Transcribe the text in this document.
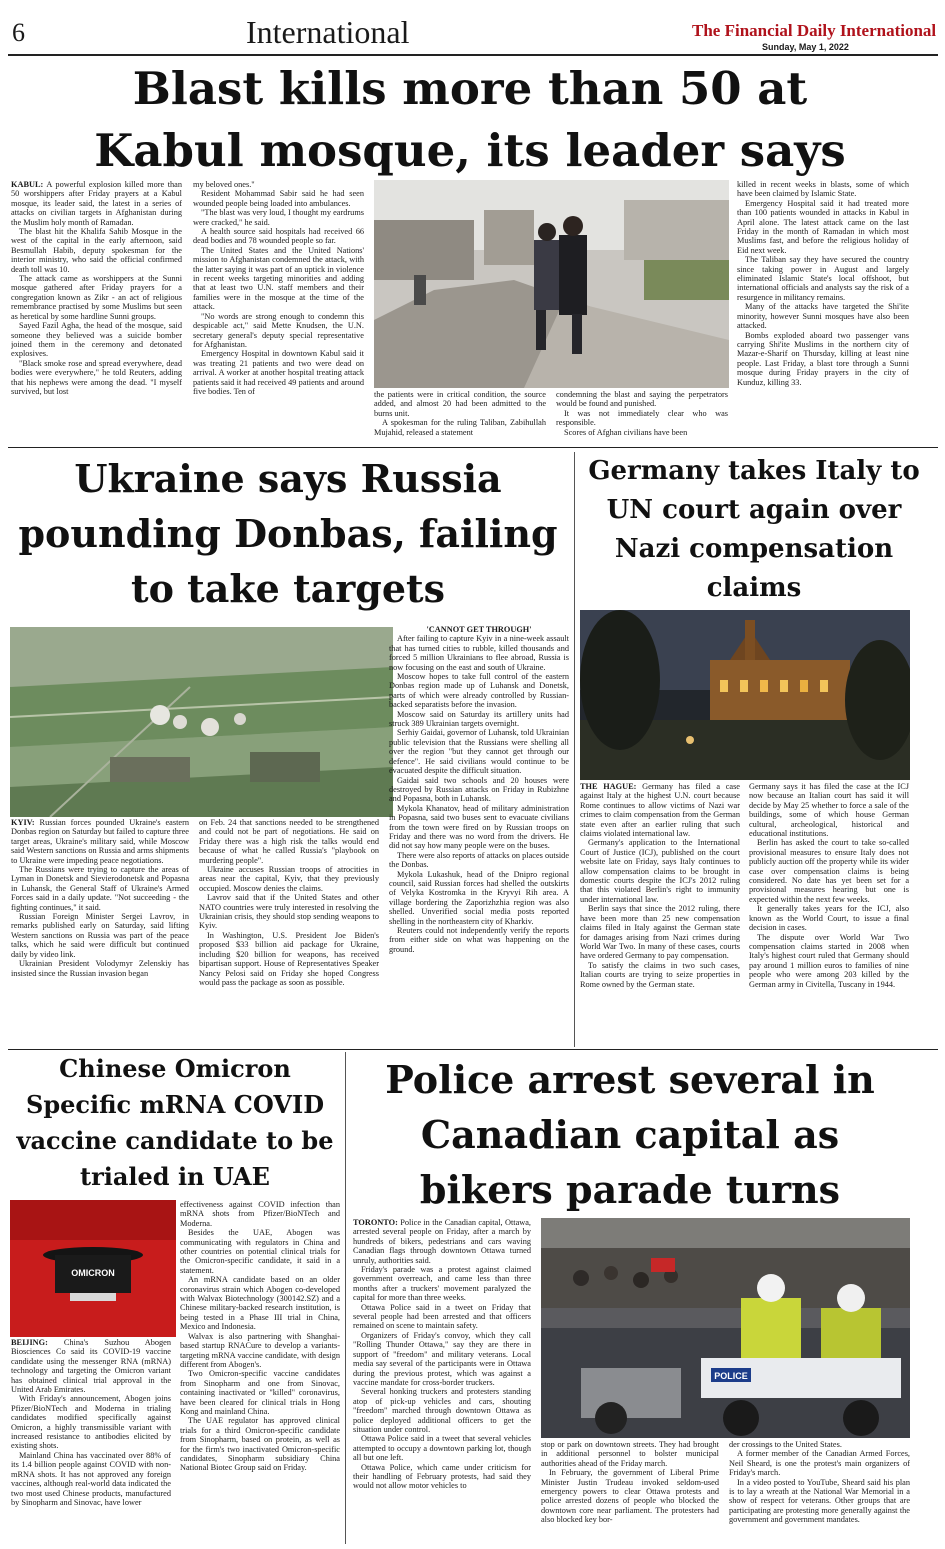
6	International	The Financial Daily International
Sunday, May 1, 2022
Blast kills more than 50 at Kabul mosque, its leader says

KABUL: A powerful explosion killed more than 50 worshippers after Friday prayers at a Kabul mosque, its leader said, the latest in a series of attacks on civilian targets in Afghanistan during the Muslim holy month of Ramadan.

The blast hit the Khalifa Sahib Mosque in the west of the capital in the early afternoon, said Besmullah Habib, deputy spokesman for the interior ministry, who said the official confirmed death toll was 10.

The attack came as worshippers at the Sunni mosque gathered after Friday prayers for a congregation known as Zikr - an act of religious remembrance practised by some Muslims but seen as heretical by some hardline Sunni groups.

Sayed Fazil Agha, the head of the mosque, said someone they believed was a suicide bomber joined them in the ceremony and detonated explosives.

"Black smoke rose and spread everywhere, dead bodies were everywhere," he told Reuters, adding that his nephews were among the dead. "I myself survived, but lost

my beloved ones."

Resident Mohammad Sabir said he had seen wounded people being loaded into ambulances.

"The blast was very loud, I thought my eardrums were cracked," he said.

A health source said hospitals had received 66 dead bodies and 78 wounded people so far.

The United States and the United Nations' mission to Afghanistan condemned the attack, with the latter saying it was part of an uptick in violence in recent weeks targeting minorities and adding that at least two U.N. staff members and their families were in the mosque at the time of the attack.

"No words are strong enough to condemn this despicable act," said Mette Knudsen, the U.N. secretary general's deputy special representative for Afghanistan.

Emergency Hospital in downtown Kabul said it was treating 21 patients and two were dead on arrival. A worker at another hospital treating attack patients said it had received 49 patients and around five bodies. Ten of	the patients were in critical condition, the source added, and almost 20 had been admitted to the burns unit.

A spokesman for the ruling Taliban, Zabihullah Mujahid, released a statement

condemning the blast and saying the perpetrators would be found and punished.

It was not immediately clear who was responsible.

Scores of Afghan civilians have been

killed in recent weeks in blasts, some of which have been claimed by Islamic State.

Emergency Hospital said it had treated more than 100 patients wounded in attacks in Kabul in April alone. The latest attack came on the last Friday in the month of Ramadan in which most Muslims fast, and before the religious holiday of Eid next week.

The Taliban say they have secured the country since taking power in August and largely eliminated Islamic State's local offshoot, but international officials and analysts say the risk of a resurgence in militancy remains.

Many of the attacks have targeted the Shi'ite minority, however Sunni mosques have also been attacked.

Bombs exploded aboard two passenger vans carrying Shi'ite Muslims in the northern city of Mazar-e-Sharif on Thursday, killing at least nine people. Last Friday, a blast tore through a Sunni mosque during Friday prayers in the city of Kunduz, killing 33.

Ukraine says Russia pounding Donbas, failing to take targets

KYIV: Russian forces pounded Ukraine's eastern Donbas region on Saturday but failed to capture three target areas, Ukraine's military said, while Moscow said Western sanctions on Russia and arms shipments to Ukraine were impeding peace negotiations.

The Russians were trying to capture the areas of Lyman in Donetsk and Sievierodonetsk and Popasna in Luhansk, the General Staff of Ukraine's Armed Forces said in a daily update. "Not succeeding - the fighting continues," it said.

Russian Foreign Minister Sergei Lavrov, in remarks published early on Saturday, said lifting Western sanctions on Russia was part of the peace talks, which he said were difficult but continued daily by video link.

Ukrainian President Volodymyr Zelenskiy has insisted since the Russian invasion began

on Feb. 24 that sanctions needed to be strengthened and could not be part of negotiations. He said on Friday there was a high risk the talks would end because of what he called Russia's "playbook on murdering people".

Ukraine accuses Russian troops of atrocities in areas near the capital, Kyiv, that they previously occupied. Moscow denies the claims.

Lavrov said that if the United States and other NATO countries were truly interested in resolving the Ukrainian crisis, they should stop sending weapons to Kyiv.

In Washington, U.S. President Joe Biden's proposed $33 billion aid package for Ukraine, including $20 billion for weapons, has received bipartisan support. House of Representatives Speaker Nancy Pelosi said on Friday she hoped Congress would pass the package as soon as possible.

'CANNOT GET THROUGH'

After failing to capture Kyiv in a nine-week assault that has turned cities to rubble, killed thousands and forced 5 million Ukrainians to flee abroad, Russia is now focusing on the east and south of Ukraine.

Moscow hopes to take full control of the eastern Donbas region made up of Luhansk and Donetsk, parts of which were already controlled by Russian-backed separatists before the invasion.

Moscow said on Saturday its artillery units had struck 389 Ukrainian targets overnight.

Serhiy Gaidai, governor of Luhansk, told Ukrainian public television that the Russians were shelling all over the region "but they cannot get through our defence". He said civilians would continue to be evacuated despite the difficult situation.

Gaidai said two schools and 20 houses were destroyed by Russian attacks on Friday in Rubizhne and Popasna, both in Luhansk.

Mykola Khanatov, head of military administration in Popasna, said two buses sent to evacuate civilians from the town were fired on by Russian troops on Friday and there was no word from the drivers. He did not say how many people were on the buses.

There were also reports of attacks on places outside the Donbas.

Mykola Lukashuk, head of the Dnipro regional council, said Russian forces had shelled the outskirts of Velyka Kostromka in the Kryvyi Rih area. A village bordering the Zaporizhzhia region was also shelled. Unverified social media posts reported shelling in the northeastern city of Kharkiv.

Reuters could not independently verify the reports from either side on what was happening on the ground.

Germany takes Italy to UN court again over Nazi compensation claims

THE HAGUE: Germany has filed a case against Italy at the highest U.N. court because Rome continues to allow victims of Nazi war crimes to claim compensation from the German state even after an earlier ruling that such claims violated international law.

Germany's application to the International Court of Justice (ICJ), published on the court website late on Friday, says Italy continues to allow compensation claims to be brought in domestic courts despite the ICJ's 2012 ruling that this violated Berlin's right to immunity under international law.

Berlin says that since the 2012 ruling, there have been more than 25 new compensation claims filed in Italy against the German state for damages arising from Nazi crimes during World War Two. In many of these cases, courts have ordered Germany to pay compensation.

To satisfy the claims in two such cases, Italian courts are trying to seize properties in Rome owned by the German state.

Germany says it has filed the case at the ICJ now because an Italian court has said it will decide by May 25 whether to force a sale of the buildings, some of which house German cultural, archeological, historical and educational institutions.

Berlin has asked the court to take so-called provisional measures to ensure Italy does not publicly auction off the property while its wider case over compensation claims is being considered. No date has yet been set for a provisional measures hearing but one is expected within the next few weeks.

It generally takes years for the ICJ, also known as the World Court, to issue a final decision in cases.

The dispute over World War Two compensation claims started in 2008 when Italy's highest court ruled that Germany should pay around 1 million euros to families of nine people who were among 203 killed by the German army in Civitella, Tuscany in 1944.

Chinese Omicron Specific mRNA COVID vaccine candidate to be trialed in UAE
OMICRON

BEIJING: China's Suzhou Abogen Biosciences Co said its COVID-19 vaccine candidate using the messenger RNA (mRNA) technology and targeting the Omicron variant has obtained clinical trial approval in the United Arab Emirates.

With Friday's announcement, Abogen joins Pfizer/BioNTech and Moderna in trialing candidates modified specifically against Omicron, a highly transmissible variant with increased resistance to antibodies elicited by existing shots.

Mainland China has vaccinated over 88% of its 1.4 billion people against COVID with non-mRNA shots. It has not approved any foreign vaccines, although real-world data indicated the two most used Chinese products, manufactured by Sinopharm and Sinovac, have lower

effectiveness against COVID infection than mRNA shots from Pfizer/BioNTech and Moderna.

Besides the UAE, Abogen was communicating with regulators in China and other countries on potential clinical trials for the Omicron-specific candidate, it said in a statement.

An mRNA candidate based on an older coronavirus strain which Abogen co-developed with Walvax Biotechnology (300142.SZ) and a Chinese military-backed research institution, is being tested in a Phase III trial in China, Mexico and Indonesia.

Walvax is also partnering with Shanghai-based startup RNACure to develop a variants-targeting mRNA vaccine candidate, with design different from Abogen's.

Two Omicron-specific vaccine candidates from Sinopharm and one from Sinovac, containing inactivated or "killed" coronavirus, have been cleared for clinical trials in Hong Kong and mainland China.

The UAE regulator has approved clinical trials for a third Omicron-specific candidate from Sinopharm, based on protein, as well as for the firm's two inactivated Omicron-specific candidates, Sinopharm subsidiary China National Biotec Group said on Friday.

Police arrest several in Canadian capital as bikers parade turns

TORONTO: Police in the Canadian capital, Ottawa, arrested several people on Friday, after a march by hundreds of bikers, pedestrians and cars waving Canadian flags through downtown Ottawa turned unruly, authorities said.

Friday's parade was a protest against claimed government overreach, and came less than three months after a truckers' movement paralyzed the capital for more than three weeks.

Ottawa Police said in a tweet on Friday that several people had been arrested and that officers remained on scene to maintain safety.

Organizers of Friday's convoy, which they call "Rolling Thunder Ottawa," say they are there in support of "freedom" and military veterans. Local media say several of the participants were in Ottawa during the previous protest, which was against a vaccine mandate for cross-border truckers.

Several honking truckers and protesters standing atop of pick-up vehicles and cars, shouting "freedom" marched through downtown Ottawa as police deployed additional officers to get the situation under control.

Ottawa Police said in a tweet that several vehicles attempted to occupy a downtown parking lot, though all but one left.

Ottawa Police, which came under criticism for their handling of February protests, had said they would not allow motor vehicles to

POLICE

stop or park on downtown streets. They had brought in additional personnel to bolster municipal authorities ahead of the Friday march.

In February, the government of Liberal Prime Minister Justin Trudeau invoked seldom-used emergency powers to clear Ottawa protests and police arrested dozens of people who blocked the downtown core near parliament. The protesters had also blocked key bor-

der crossings to the United States.

A former member of the Canadian Armed Forces, Neil Sheard, is one the protest's main organizers of Friday's march.

In a video posted to YouTube, Sheard said his plan is to lay a wreath at the National War Memorial in a show of respect for veterans. Other groups that are participating are protesting more generally against the government and government mandates.
